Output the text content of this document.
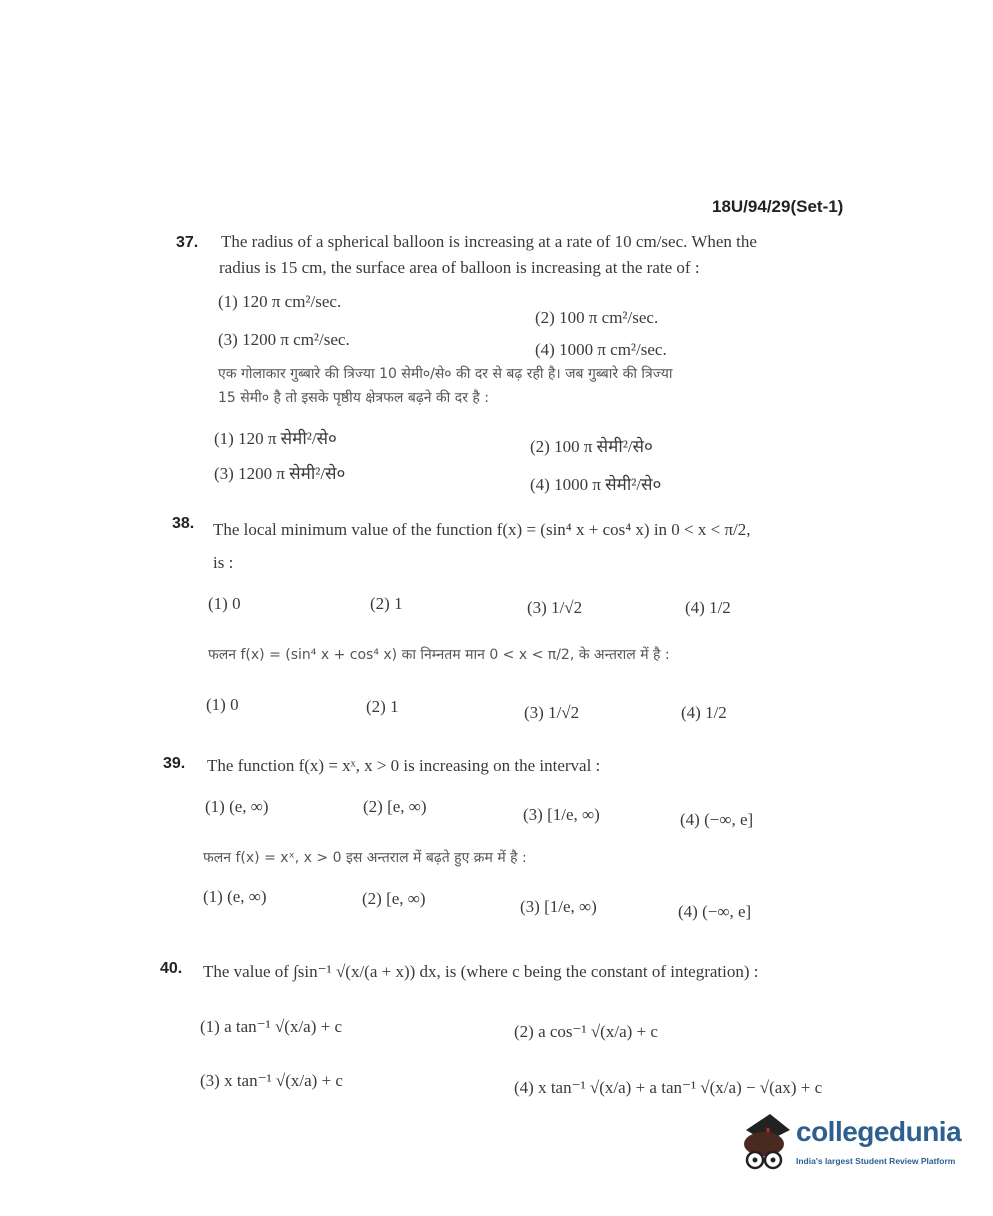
18U/94/29(Set-1)
37. The radius of a spherical balloon is increasing at a rate of 10 cm/sec. When the
radius is 15 cm, the surface area of balloon is increasing at the rate of :
(1) 120 π cm²/sec.
(2) 100 π cm²/sec.
(3) 1200 π cm²/sec.
(4) 1000 π cm²/sec.
एक गोलाकार गुब्बारे की त्रिज्या 10 सेमी०/से० की दर से बढ़ रही है। जब गुब्बारे की त्रिज्या
15 सेमी० है तो इसके पृष्ठीय क्षेत्रफल बढ़ने की दर है :
(1) 120 π सेमी²/से०	(2) 100 π सेमी²/से०
(3) 1200 π सेमी²/से०
(4) 1000 π सेमी²/से०
38. The local minimum value of the function f(x) = (sin⁴ x + cos⁴ x) in 0 < x < π/2,
is :
(1) 0	(2) 1	(3) 1/√2	(4) 1/2
फलन f(x) = (sin⁴ x + cos⁴ x) का निम्नतम मान 0 < x < π/2, के अन्तराल में है :
(1) 0	(2) 1	(3) 1/√2	(4) 1/2
39. The function f(x) = xˣ, x > 0 is increasing on the interval :
(1) (e, ∞)	(2) [e, ∞)	(3) [1/e, ∞)	(4) (−∞, e]
फलन f(x) = xˣ, x > 0 इस अन्तराल में बढ़ते हुए क्रम में है :
(1) (e, ∞)	(2) [e, ∞)	(3) [1/e, ∞)	(4) (−∞, e]
40. The value of ∫sin⁻¹ √(x/(a + x)) dx, is (where c being the constant of integration) :
(1) a tan⁻¹ √(x/a) + c	(2) a cos⁻¹ √(x/a) + c
(3) x tan⁻¹ √(x/a) + c	(4) x tan⁻¹ √(x/a) + a tan⁻¹ √(x/a) − √(ax) + c
collegedunia
India's largest Student Review Platform
